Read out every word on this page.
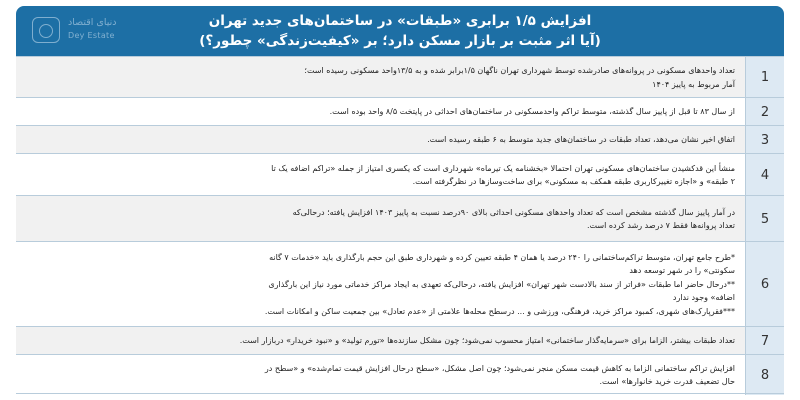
افزایش ۱/۵ برابری «طبقات» در ساختمان‌های جدید تهران
(آیا اثر مثبت بر بازار مسکن دارد؛ بر «کیفیت‌زندگی» چطور؟)
دنیای اقتصاد
Dey Estate
1
تعداد واحدهای مسکونی در پروانه‌های صادرشده توسط شهرداری تهران ناگهان ۱/۵برابر شده و به ۱۳/۵واحد مسکونی رسیده است؛
آمار مربوط به پاییز ۱۴۰۴
2
از سال ۸۳ تا قبل از پاییز سال گذشته، متوسط تراکم واحدمسکونی در ساختمان‌های احداثی در پایتخت ۸/۵ واحد بوده است.
3
اتفاق اخیر نشان می‌دهد، تعداد طبقات در ساختمان‌های جدید متوسط به ۶ طبقه رسیده است.
4
منشأ این قدکشیدن ساختمان‌های مسکونی تهران احتمالا «بخشنامه یک تیرماه» شهرداری است که یکسری امتیاز از جمله «تراکم اضافه یک تا
۲ طبقه» و «اجازه تغییرکاربری طبقه همکف به مسکونی» برای ساخت‌وسازها در نظرگرفته است.
5
در آمار پاییز سال گذشته مشخص است که تعداد واحدهای مسکونی احداثی بالای ۹۰درصد نسبت به پاییز ۱۴۰۳ افزایش یافته؛ درحالی‌که
تعداد پروانه‌ها فقط ۷ درصد رشد کرده است.
6
*طرح جامع تهران، متوسط تراکم‌ساختمانی را ۲۴۰ درصد یا همان ۴ طبقه تعیین کرده و شهرداری طبق این حجم بارگذاری باید «خدمات ۷ گانه
سکونتی» را در شهر توسعه دهد
**درحال حاضر اما طبقات «فراتر از سند بالادست شهر تهران» افزایش یافته، درحالی‌که تعهدی به ایجاد مراکز خدماتی مورد نیاز این بارگذاری
اضافه» وجود ندارد
***فقرپارک‌های شهری، کمبود مراکز خرید، فرهنگی، ورزشی و ... درسطح محله‌ها علامتی از «عدم تعادل» بین جمعیت ساکن و امکانات است.
7
تعداد طبقات بیشتر، الزاما برای «سرمایه‌گذار ساختمانی» امتیاز محسوب نمی‌شود؛ چون مشکل سازنده‌ها «تورم تولید» و «نبود خریدار» دربازار است.
8
افزایش تراکم ساختمانی الزاما به کاهش قیمت مسکن منجر نمی‌شود؛ چون اصل مشکل، «سطح درحال افزایش قیمت تمام‌شده» و «سطح در
حال تضعیف قدرت خرید خانوارها» است.
